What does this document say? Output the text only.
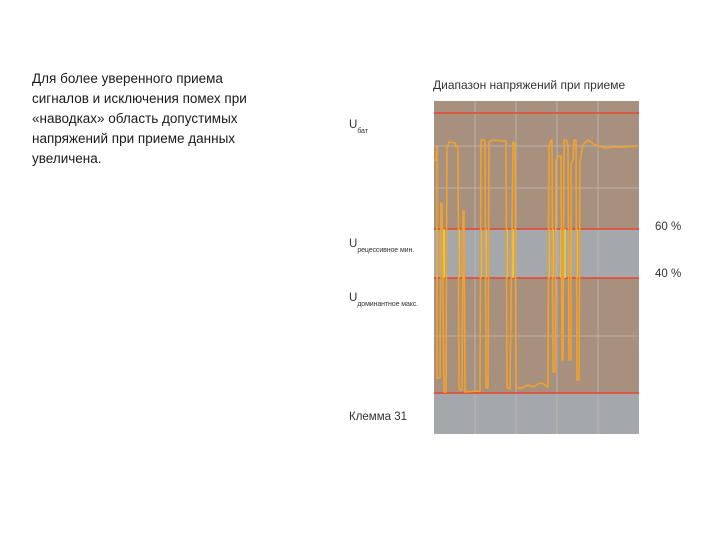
Для более уверенного приема
сигналов и исключения помех при
«наводках» область допустимых
напряжений при приеме данных
увеличена.
Диапазон напряжений при приеме
$U_{бат}$
$U_{рецессивное мин.}$
$U_{доминантное макс.}$
Клемма 31
60 %
40 %
